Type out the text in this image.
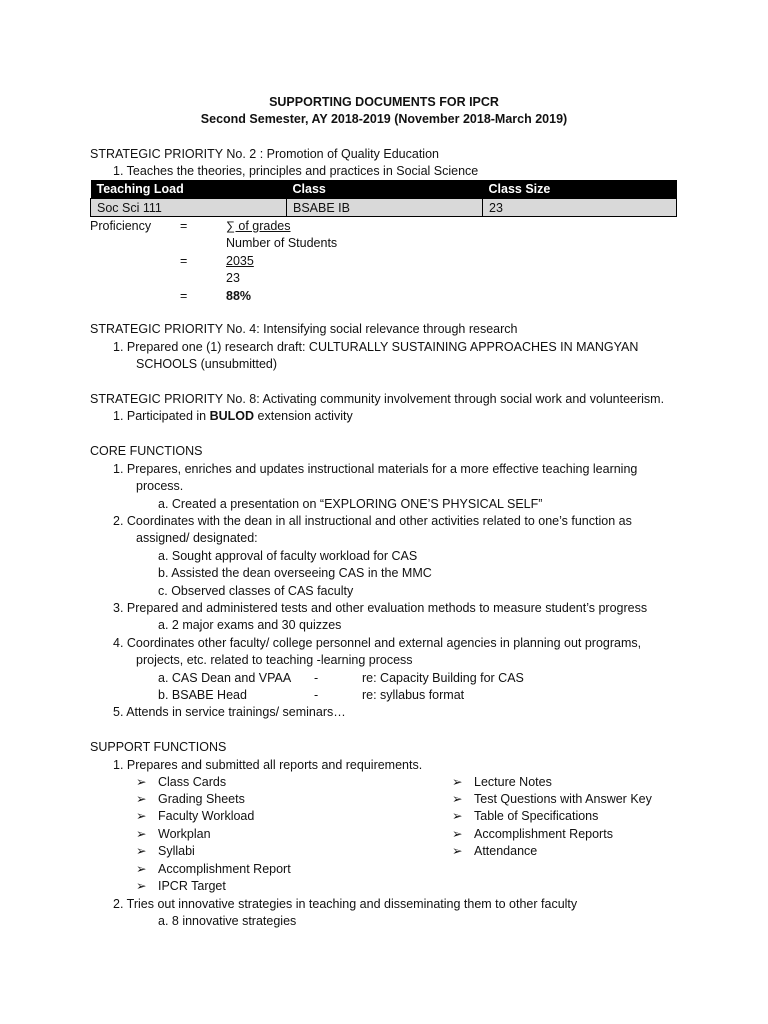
SUPPORTING DOCUMENTS FOR IPCR
Second Semester, AY 2018-2019 (November 2018-March 2019)
STRATEGIC PRIORITY No. 2 : Promotion of Quality Education
1. Teaches the theories, principles and practices in Social Science
Teaching Load	Class	Class Size
Soc Sci 111	BSABE IB	23
Proficiency =	∑ of grades
Number of Students
=	2035
23
=	88%
STRATEGIC PRIORITY No. 4: Intensifying social relevance through research
1. Prepared one (1) research draft: CULTURALLY SUSTAINING APPROACHES IN MANGYAN
SCHOOLS (unsubmitted)
STRATEGIC PRIORITY No. 8: Activating community involvement through social work and volunteerism.
1. Participated in BULOD extension activity
CORE FUNCTIONS
1. Prepares, enriches and updates instructional materials for a more effective teaching learning
process.
a. Created a presentation on “EXPLORING ONE’S PHYSICAL SELF”
2. Coordinates with the dean in all instructional and other activities related to one’s function as
assigned/ designated:
a. Sought approval of faculty workload for CAS
b. Assisted the dean overseeing CAS in the MMC
c. Observed classes of CAS faculty
3. Prepared and administered tests and other evaluation methods to measure student’s progress
a. 2 major exams and 30 quizzes
4. Coordinates other faculty/ college personnel and external agencies in planning out programs,
projects, etc. related to teaching -learning process
a. CAS Dean and VPAA -	re: Capacity Building for CAS
b. BSABE Head	-	re: syllabus format
5. Attends in service trainings/ seminars…
SUPPORT FUNCTIONS
1. Prepares and submitted all reports and requirements.
➢ Class Cards
➢ Grading Sheets
➢ Faculty Workload
➢ Workplan
➢ Syllabi
➢ Accomplishment Report
➢ IPCR Target
➢ Lecture Notes
➢ Test Questions with Answer Key
➢ Table of Specifications
➢ Accomplishment Reports
➢ Attendance
2. Tries out innovative strategies in teaching and disseminating them to other faculty
a. 8 innovative strategies
